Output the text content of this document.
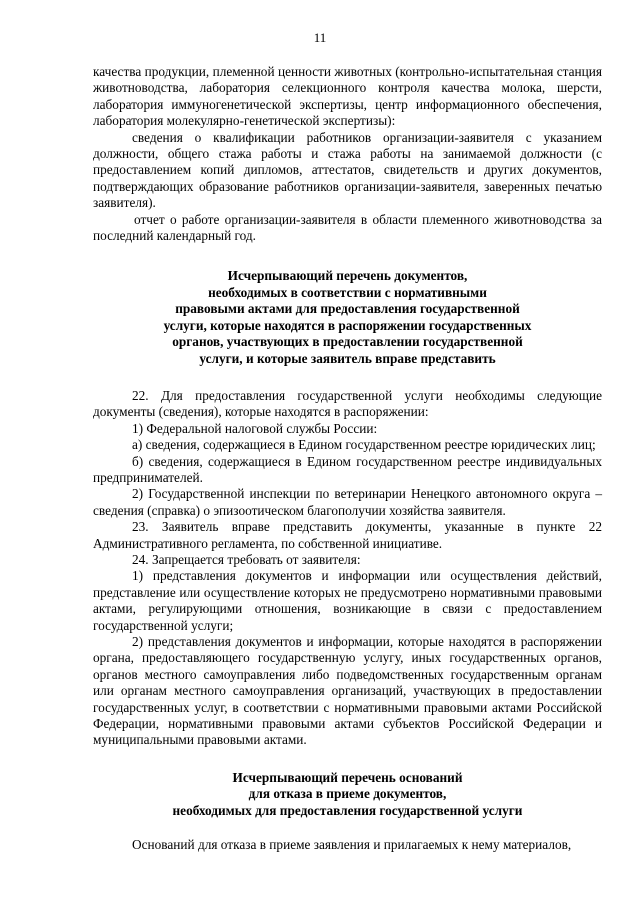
11

качества продукции, племенной ценности животных (контрольно-испытательная станция животноводства, лаборатория селекционного контроля качества молока, шерсти, лаборатория иммуногенетической экспертизы, центр информационного обеспечения, лаборатория молекулярно-генетической экспертизы):

сведения о квалификации работников организации-заявителя с указанием должности, общего стажа работы и стажа работы на занимаемой должности (с предоставлением копий дипломов, аттестатов, свидетельств и других документов, подтверждающих образование работников организации-заявителя, заверенных печатью заявителя).

отчет о работе организации-заявителя в области племенного животноводства за последний календарный год.

Исчерпывающий перечень документов,

необходимых в соответствии с нормативными

правовыми актами для предоставления государственной

услуги, которые находятся в распоряжении государственных

органов, участвующих в предоставлении государственной

услуги, и которые заявитель вправе представить

22. Для предоставления государственной услуги необходимы следующие документы (сведения), которые находятся в распоряжении:

1) Федеральной налоговой службы России:

а) сведения, содержащиеся в Едином государственном реестре юридических лиц;

б) сведения, содержащиеся в Едином государственном реестре индивидуальных предпринимателей.

2) Государственной инспекции по ветеринарии Ненецкого автономного округа – сведения (справка) о эпизоотическом благополучии хозяйства заявителя.

23. Заявитель вправе представить документы, указанные в пункте 22 Административного регламента, по собственной инициативе.

24. Запрещается требовать от заявителя:

1) представления документов и информации или осуществления действий, представление или осуществление которых не предусмотрено нормативными правовыми актами, регулирующими отношения, возникающие в связи с предоставлением государственной услуги;

2) представления документов и информации, которые находятся в распоряжении органа, предоставляющего государственную услугу, иных государственных органов, органов местного самоуправления либо подведомственных государственным органам или органам местного самоуправления организаций, участвующих в предоставлении государственных услуг, в соответствии с нормативными правовыми актами Российской Федерации, нормативными правовыми актами субъектов Российской Федерации и муниципальными правовыми актами.

Исчерпывающий перечень оснований

для отказа в приеме документов,

необходимых для предоставления государственной услуги

Оснований для отказа в приеме заявления и прилагаемых к нему материалов,
